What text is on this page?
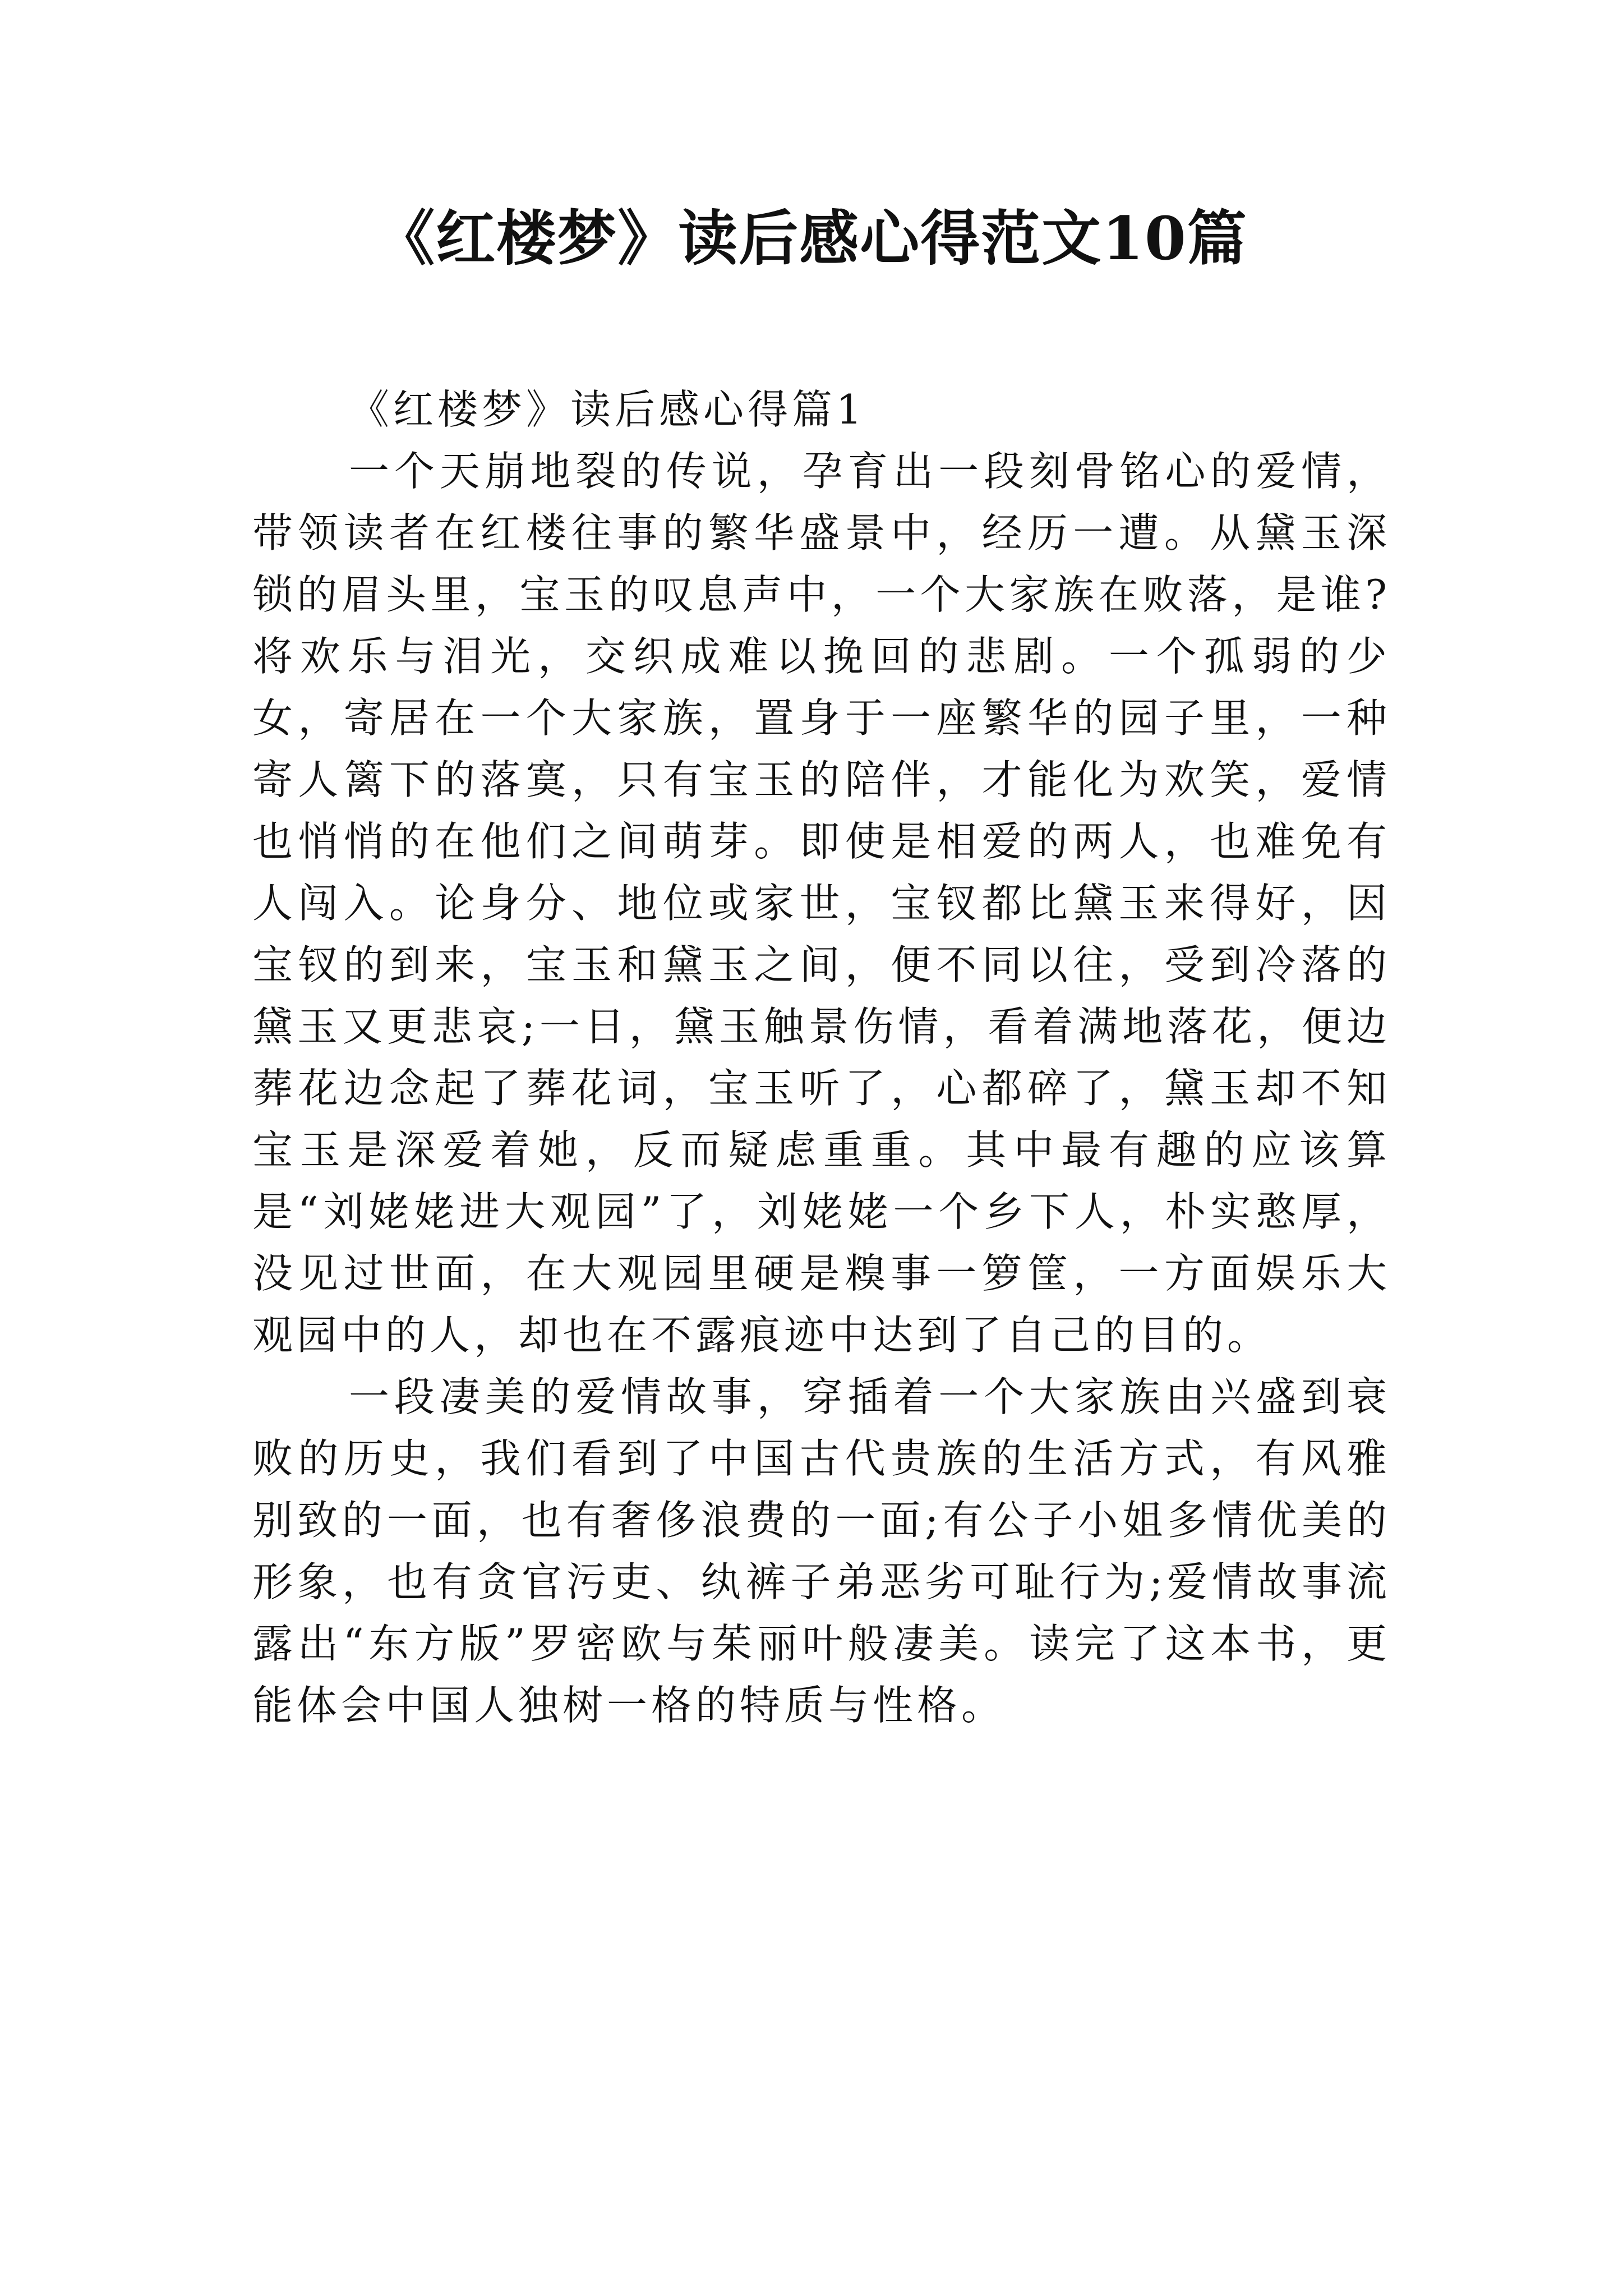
《红楼梦》读后感心得范文10篇

《红楼梦》读后感心得篇1

一个天崩地裂的传说，孕育出一段刻骨铭心的爱情，带领读者在红楼往事的繁华盛景中，经历一遭。从黛玉深锁的眉头里，宝玉的叹息声中，一个大家族在败落，是谁?将欢乐与泪光，交织成难以挽回的悲剧。一个孤弱的少女，寄居在一个大家族，置身于一座繁华的园子里，一种寄人篱下的落寞，只有宝玉的陪伴，才能化为欢笑，爱情也悄悄的在他们之间萌芽。即使是相爱的两人，也难免有人闯入。论身分、地位或家世，宝钗都比黛玉来得好，因宝钗的到来，宝玉和黛玉之间，便不同以往，受到冷落的黛玉又更悲哀;一日，黛玉触景伤情，看着满地落花，便边葬花边念起了葬花词，宝玉听了，心都碎了，黛玉却不知宝玉是深爱着她，反而疑虑重重。其中最有趣的应该算是“刘姥姥进大观园”了，刘姥姥一个乡下人，朴实憨厚，没见过世面，在大观园里硬是糗事一箩筐，一方面娱乐大观园中的人，却也在不露痕迹中达到了自己的目的。

一段凄美的爱情故事，穿插着一个大家族由兴盛到衰败的历史，我们看到了中国古代贵族的生活方式，有风雅别致的一面，也有奢侈浪费的一面;有公子小姐多情优美的形象，也有贪官污吏、纨裤子弟恶劣可耻行为;爱情故事流露出“东方版”罗密欧与茱丽叶般凄美。读完了这本书，更能体会中国人独树一格的特质与性格。
